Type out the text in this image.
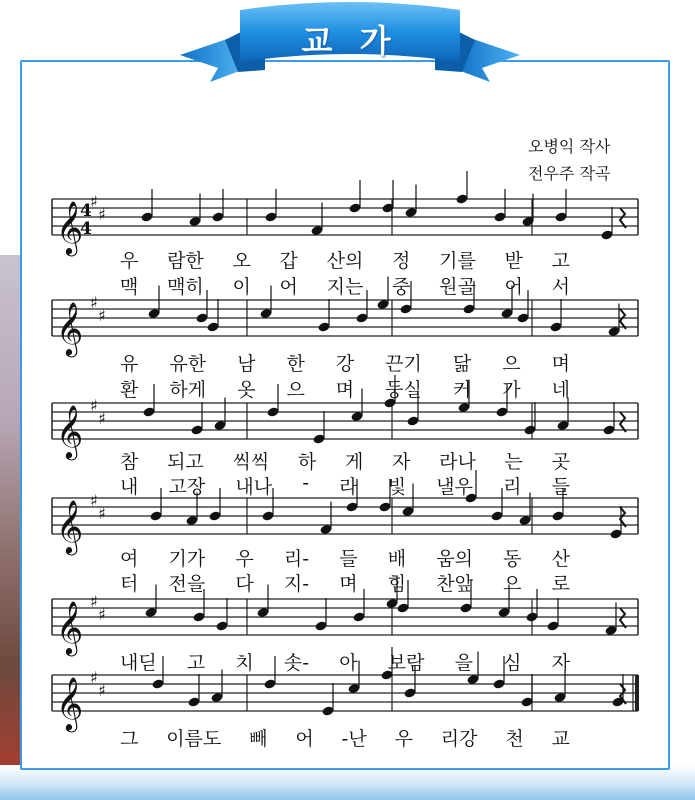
교 가
오병익 작사
전우주 작곡
𝄞 ♯
♯
4
4
𝄞 ♯
♯
𝄞 ♯
♯
𝄞 ♯
♯
𝄞 ♯
♯
𝄞 ♯
♯
우 람한 오 갑 산의 정 기를 받 고
맥 맥히 이 어 지는 중 원골 어 서
유 유한 남 한 강 끈기 닮 으 며
환 하게 옷 으 며 둥실 커 가 네
참 되고 씩씩 하 게 자 라나 는 곳
내 고장 내나 - 라 빛 낼우 리 들
여 기가 우 리- 들 배 움의 동 산
터 전을 다 지- 며 힘 찬앞 으 로
내딛 고 치 솟- 아 보람 을 심 자
그 이름도 빼 어 -난 우 리강 천 교
